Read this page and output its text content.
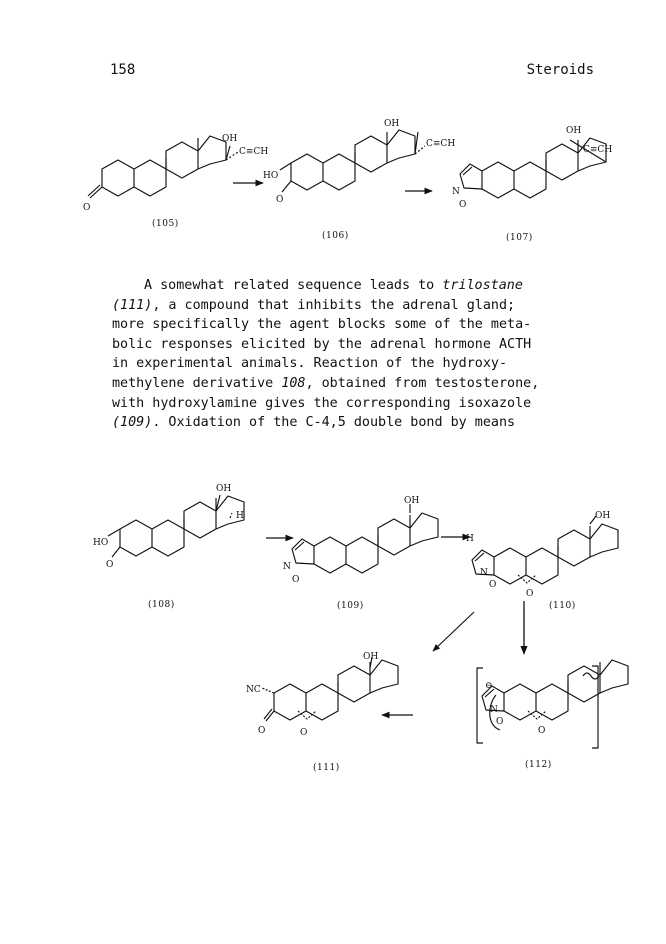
158	Steroids
O
OH
C≡CH
(105)
HO
O
OH
C≡CH
(106)
N
O
OH
C≡CH
(107)
HO
O
OH
H
(108)
N
O
OH
(109)
H
N
O
O
OH
(110)
O
NC
O
OH
(111)
⊖
N
O
O
(112)
A somewhat related sequence leads to trilostane
(111), a compound that inhibits the adrenal gland;
more specifically the agent blocks some of the meta-
bolic responses elicited by the adrenal hormone ACTH
in experimental animals. Reaction of the hydroxy-
methylene derivative 108, obtained from testosterone,
with hydroxylamine gives the corresponding isoxazole
(109). Oxidation of the C-4,5 double bond by means
